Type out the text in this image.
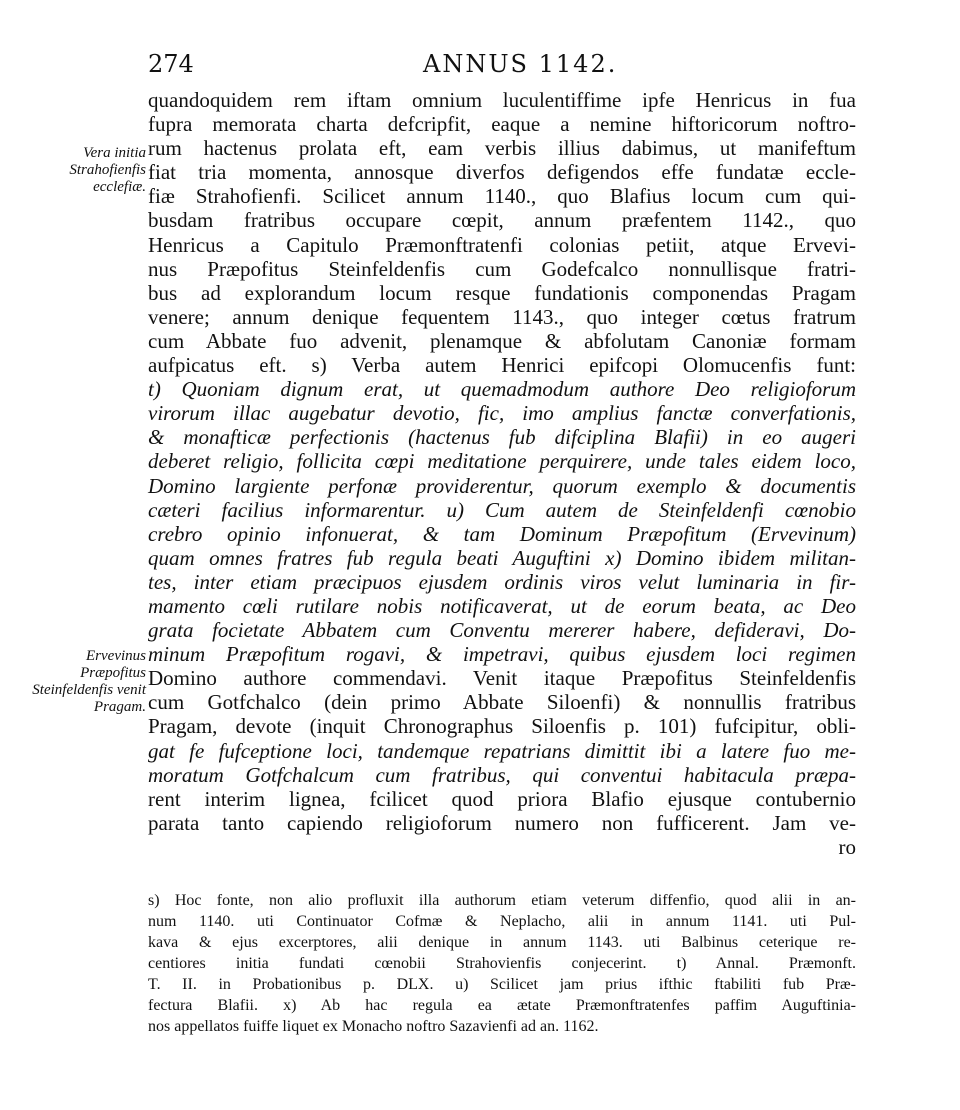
274	ANNUS 1142.
Vera initia Strahofienfis ecclefiæ.
Ervevinus Præpofitus Steinfeldenfis venit Pragam.
quandoquidem rem iftam omnium luculentiffime ipfe Henricus in fua
fupra memorata charta defcripfit, eaque a nemine hiftoricorum noftro-
rum hactenus prolata eft, eam verbis illius dabimus, ut manifeftum
fiat tria momenta, annosque diverfos defigendos effe fundatæ eccle-
fiæ Strahofienfi. Scilicet annum 1140., quo Blafius locum cum qui-
busdam fratribus occupare cœpit, annum præfentem 1142., quo
Henricus a Capitulo Præmonftratenfi colonias petiit, atque Ervevi-
nus Præpofitus Steinfeldenfis cum Godefcalco nonnullisque fratri-
bus ad explorandum locum resque fundationis componendas Pragam
venere; annum denique fequentem 1143., quo integer cœtus fratrum
cum Abbate fuo advenit, plenamque & abfolutam Canoniæ formam
aufpicatus eft. s) Verba autem Henrici epifcopi Olomucenfis funt:
t) Quoniam dignum erat, ut quemadmodum authore Deo religioforum
virorum illac augebatur devotio, fic, imo amplius fanctæ converfationis,
& monafticæ perfectionis (hactenus fub difciplina Blafii) in eo augeri
deberet religio, follicita cœpi meditatione perquirere, unde tales eidem loco,
Domino largiente perfonæ providerentur, quorum exemplo & documentis
cæteri facilius informarentur. u) Cum autem de Steinfeldenfi cœnobio
crebro opinio infonuerat, & tam Dominum Præpofitum (Ervevinum)
quam omnes fratres fub regula beati Auguftini x) Domino ibidem militan-
tes, inter etiam præcipuos ejusdem ordinis viros velut luminaria in fir-
mamento cœli rutilare nobis notificaverat, ut de eorum beata, ac Deo
grata focietate Abbatem cum Conventu mererer habere, defideravi, Do-
minum Præpofitum rogavi, & impetravi, quibus ejusdem loci regimen
Domino authore commendavi. Venit itaque Præpofitus Steinfeldenfis
cum Gotfchalco (dein primo Abbate Siloenfi) & nonnullis fratribus
Pragam, devote (inquit Chronographus Siloenfis p. 101) fufcipitur, obli-
gat fe fufceptione loci, tandemque repatrians dimittit ibi a latere fuo me-
moratum Gotfchalcum cum fratribus, qui conventui habitacula præpa-
rent interim lignea, fcilicet quod priora Blafio ejusque contubernio
parata tanto capiendo religioforum numero non fufficerent. Jam ve-
ro
s) Hoc fonte, non alio profluxit illa authorum etiam veterum diffenfio, quod alii in an-
num 1140. uti Continuator Cofmæ & Neplacho, alii in annum 1141. uti Pul-
kava & ejus excerptores, alii denique in annum 1143. uti Balbinus ceterique re-
centiores initia fundati cœnobii Strahovienfis conjecerint. t) Annal. Præmonft.
T. II. in Probationibus p. DLX. u) Scilicet jam prius ifthic ftabiliti fub Præ-
fectura Blafii. x) Ab hac regula ea ætate Præmonftratenfes paffim Auguftinia-
nos appellatos fuiffe liquet ex Monacho noftro Sazavienfi ad an. 1162.
